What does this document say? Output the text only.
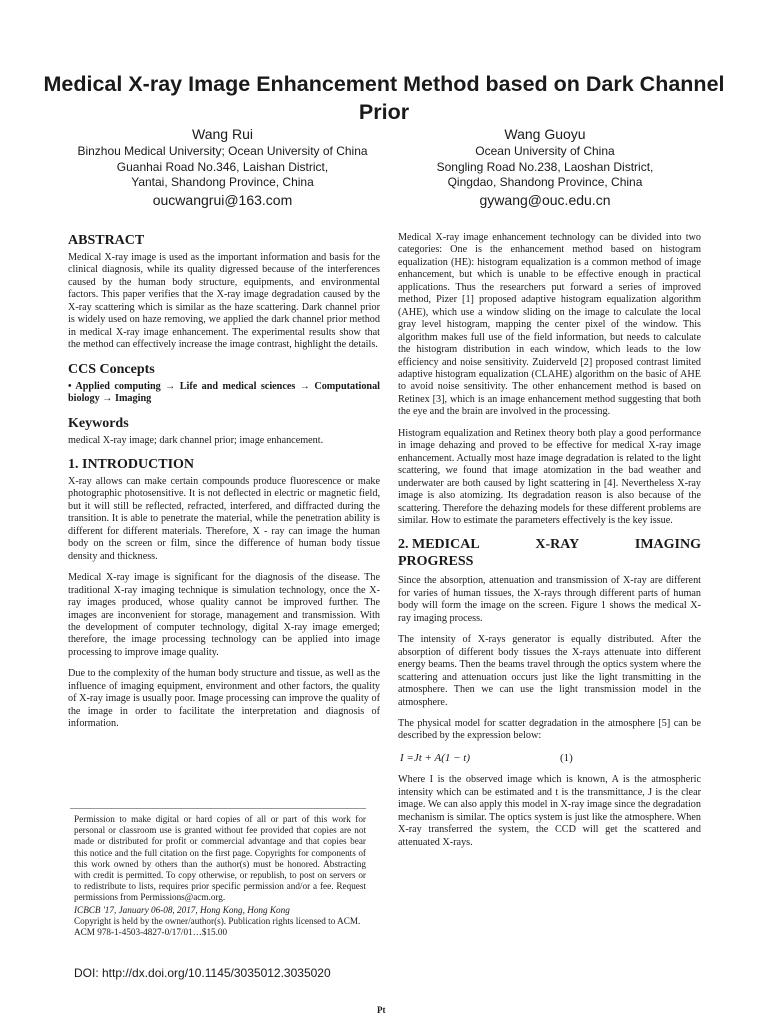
Medical X-ray Image Enhancement Method based on Dark Channel Prior
Wang Rui
Binzhou Medical University; Ocean University of China
Guanhai Road No.346, Laishan District,
Yantai, Shandong Province, China
oucwangrui@163.com
Wang Guoyu
Ocean University of China
Songling Road No.238, Laoshan District,
Qingdao, Shandong Province, China
gywang@ouc.edu.cn
ABSTRACT

Medical X-ray image is used as the important information and basis for the clinical diagnosis, while its quality digressed because of the interferences caused by the human body structure, equipments, and environmental factors. This paper verifies that the X-ray image degradation caused by the X-ray scattering which is similar as the haze scattering. Dark channel prior is widely used on haze removing, we applied the dark channel prior method in medical X-ray image enhancement. The experimental results show that the method can effectively increase the image contrast, highlight the details.

CCS Concepts

• Applied computing → Life and medical sciences → Computational biology → Imaging

Keywords

medical X-ray image; dark channel prior; image enhancement.

1. INTRODUCTION

X-ray allows can make certain compounds produce fluorescence or make photographic photosensitive. It is not deflected in electric or magnetic field, but it will still be reflected, refracted, interfered, and diffracted during the transition. It is able to penetrate the material, while the penetration ability is different for different materials. Therefore, X - ray can image the human body on the screen or film, since the difference of human body tissue density and thickness.

Medical X-ray image is significant for the diagnosis of the disease. The traditional X-ray imaging technique is simulation technology, once the X-ray images produced, whose quality cannot be improved further. The images are inconvenient for storage, management and transmission. With the development of computer technology, digital X-ray image emerged; therefore, the image processing technology can be applied into image processing to improve image quality.

Due to the complexity of the human body structure and tissue, as well as the influence of imaging equipment, environment and other factors, the quality of X-ray image is usually poor. Image processing can improve the quality of the image in order to facilitate the interpretation and diagnosis of information.

Permission to make digital or hard copies of all or part of this work for personal or classroom use is granted without fee provided that copies are not made or distributed for profit or commercial advantage and that copies bear this notice and the full citation on the first page. Copyrights for components of this work owned by others than the author(s) must be honored. Abstracting with credit is permitted. To copy otherwise, or republish, to post on servers or to redistribute to lists, requires prior specific permission and/or a fee. Request permissions from Permissions@acm.org.

ICBCB '17, January 06-08, 2017, Hong Kong, Hong Kong

Copyright is held by the owner/author(s). Publication rights licensed to ACM.

ACM 978-1-4503-4827-0/17/01…$15.00

DOI: http://dx.doi.org/10.1145/3035012.3035020

Medical X-ray image enhancement technology can be divided into two categories: One is the enhancement method based on histogram equalization (HE): histogram equalization is a common method of image enhancement, but which is unable to be effective enough in practical applications. Thus the researchers put forward a series of improved method, Pizer [1] proposed adaptive histogram equalization algorithm (AHE), which use a window sliding on the image to calculate the local gray level histogram, mapping the center pixel of the window. This algorithm makes full use of the field information, but needs to calculate the histogram distribution in each window, which leads to the low efficiency and noise sensitivity. Zuiderveld [2] proposed contrast limited adaptive histogram equalization (CLAHE) algorithm on the basic of AHE to avoid noise sensitivity. The other enhancement method is based on Retinex [3], which is an image enhancement method suggesting that both the eye and the brain are involved in the processing.

Histogram equalization and Retinex theory both play a good performance in image dehazing and proved to be effective for medical X-ray image enhancement. Actually most haze image degradation is related to the light scattering, we found that image atomization in the bad weather and underwater are both caused by light scattering in [4]. Nevertheless X-ray image is also atomizing. Its degradation reason is also because of the scattering. Therefore the dehazing models for these different problems are similar. How to estimate the parameters effectively is the key issue.

2. MEDICAL	X-RAY	IMAGING
PROGRESS

Since the absorption, attenuation and transmission of X-ray are different for varies of human tissues, the X-rays through different parts of human body will form the image on the screen. Figure 1 shows the medical X-ray imaging process.

The intensity of X-rays generator is equally distributed. After the absorption of different body tissues the X-rays attenuate into different energy beams. Then the beams travel through the optics system where the scattering and attenuation occurs just like the light transmitting in the atmosphere. Then we can use the light transmission model in the atmosphere.

The physical model for scatter degradation in the atmosphere [5] can be described by the expression below:

I =Jt + A(1 − t)	(1)

Where I is the observed image which is known, A is the atmospheric intensity which can be estimated and t is the transmittance, J is the clear image. We can also apply this model in X-ray image since the degradation mechanism is similar. The optics system is just like the atmosphere. When X-ray transferred the system, the CCD will get the scattered and attenuated X-rays.

Pt
